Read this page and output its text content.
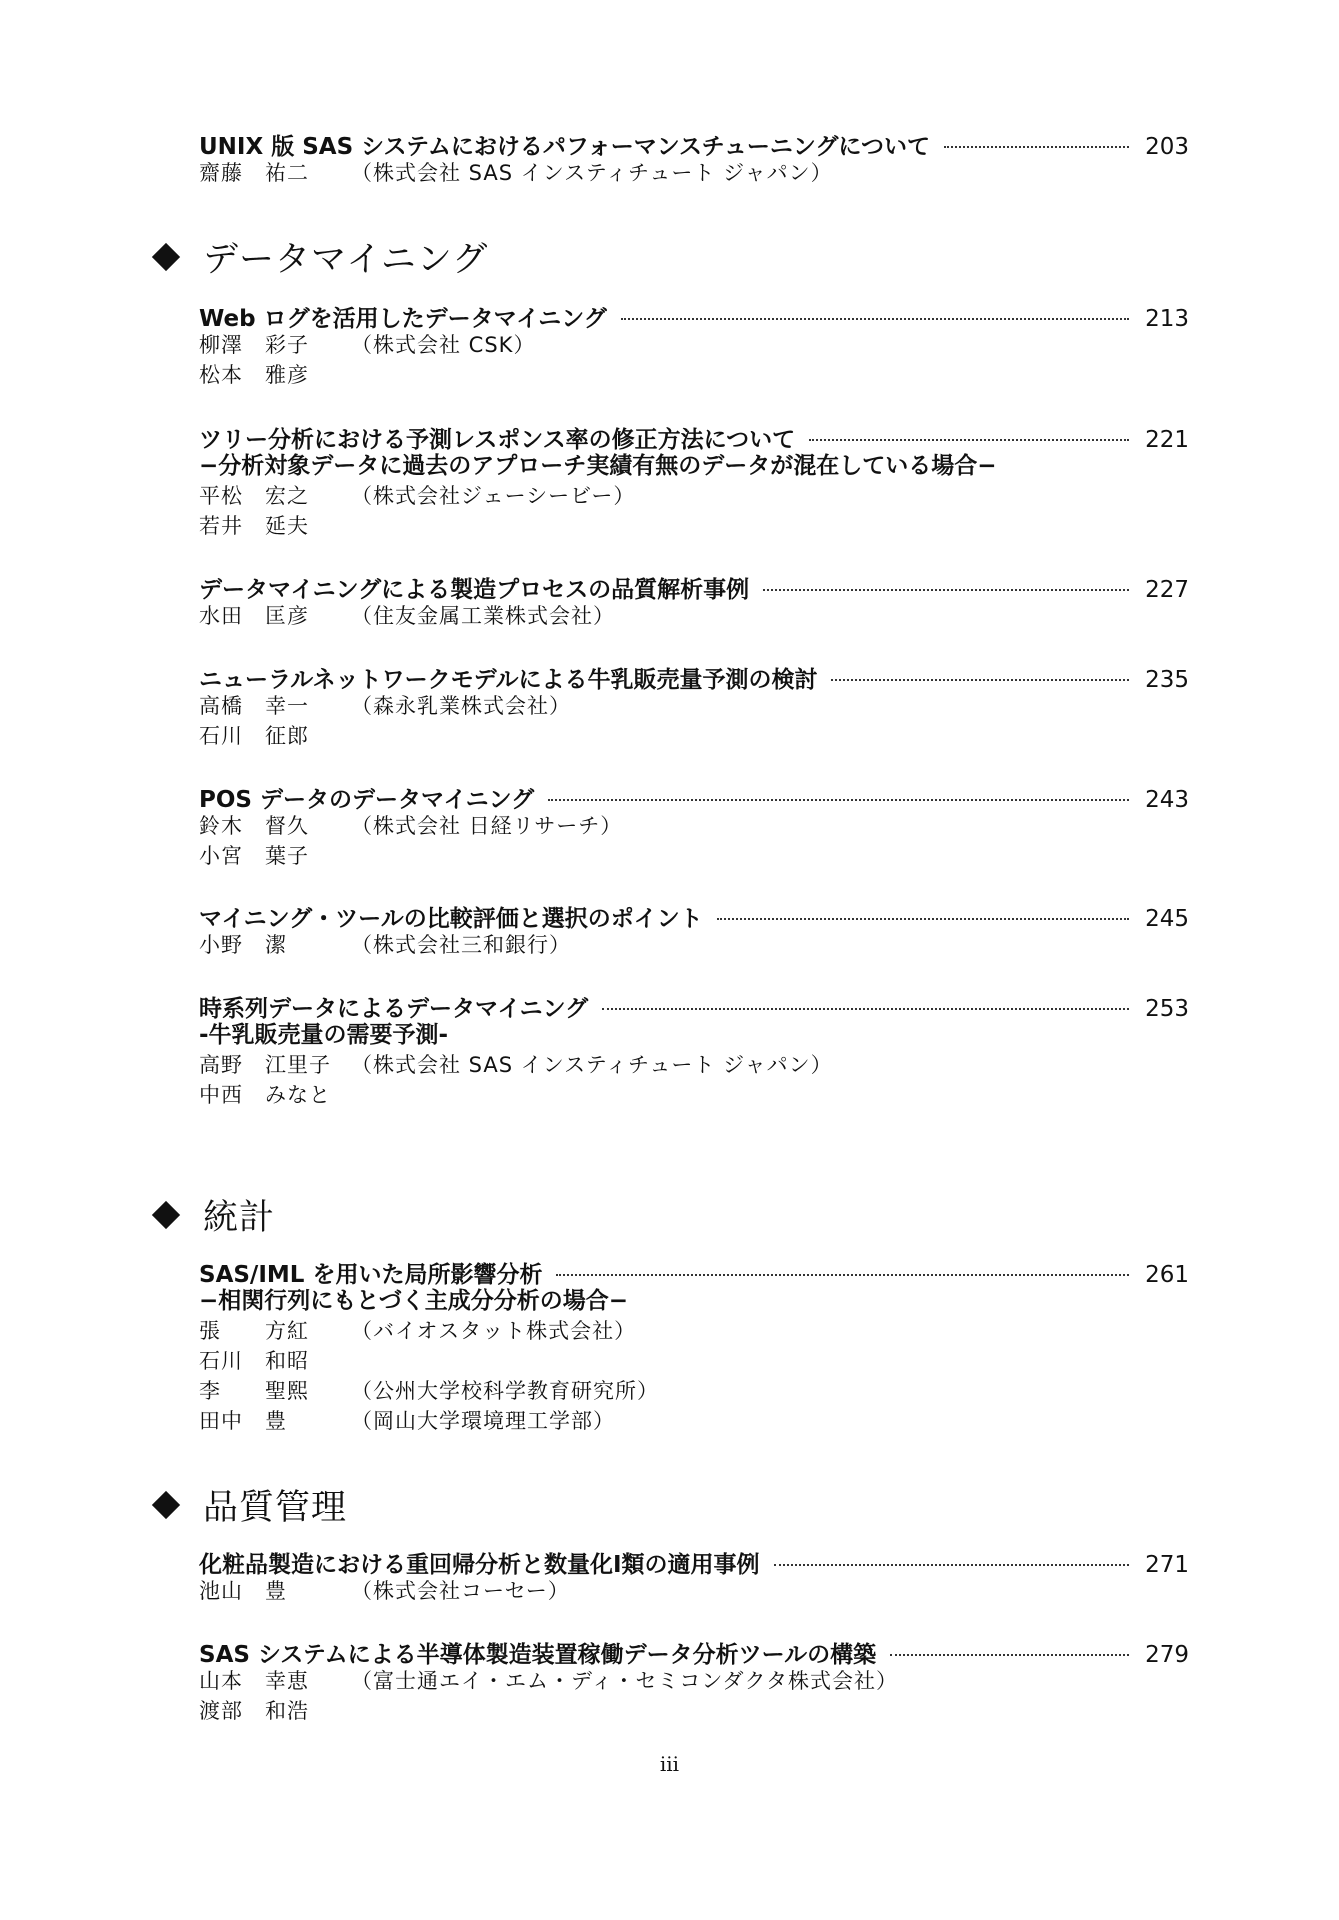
UNIX 版 SAS システムにおけるパフォーマンスチューニングについて	203
齋藤　祐二	（株式会社 SAS インスティチュート ジャパン）
データマイニング
Web ログを活用したデータマイニング	213
柳澤　彩子	（株式会社 CSK）
松本　雅彦
ツリー分析における予測レスポンス率の修正方法について	221
−分析対象データに過去のアプローチ実績有無のデータが混在している場合−
平松　宏之	（株式会社ジェーシービー）
若井　延夫
データマイニングによる製造プロセスの品質解析事例	227
水田　匡彦	（住友金属工業株式会社）
ニューラルネットワークモデルによる牛乳販売量予測の検討	235
高橋　幸一	（森永乳業株式会社）
石川　征郎
POS データのデータマイニング	243
鈴木　督久	（株式会社 日経リサーチ）
小宮　葉子
マイニング・ツールの比較評価と選択のポイント	245
小野　潔	（株式会社三和銀行）
時系列データによるデータマイニング	253
-牛乳販売量の需要予測-
高野　江里子 （株式会社 SAS インスティチュート ジャパン）
中西　みなと
統計
SAS/IML を用いた局所影響分析	261
−相関行列にもとづく主成分分析の場合−
張　　方紅	（バイオスタット株式会社）
石川　和昭
李　　聖熙	（公州大学校科学教育研究所）
田中　豊	（岡山大学環境理工学部）
品質管理
化粧品製造における重回帰分析と数量化Ⅰ類の適用事例	271
池山　豊	（株式会社コーセー）
SAS システムによる半導体製造装置稼働データ分析ツールの構築	279
山本　幸恵	（富士通エイ・エム・ディ・セミコンダクタ株式会社）
渡部　和浩
iii
